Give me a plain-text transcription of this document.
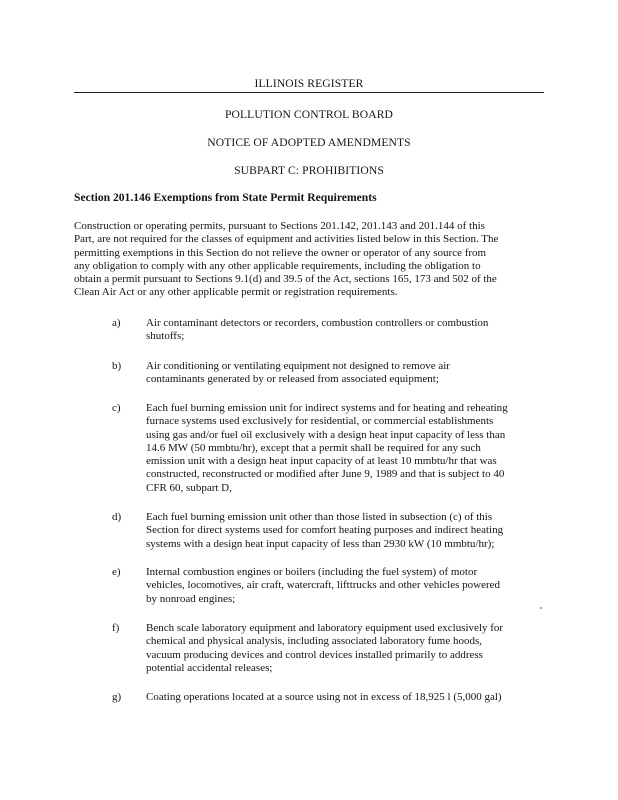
ILLINOIS REGISTER
POLLUTION CONTROL BOARD
NOTICE OF ADOPTED AMENDMENTS
SUBPART C: PROHIBITIONS
Section 201.146 Exemptions from State Permit Requirements
Construction or operating permits, pursuant to Sections 201.142, 201.143 and 201.144 of this
Part, are not required for the classes of equipment and activities listed below in this Section. The
permitting exemptions in this Section do not relieve the owner or operator of any source from
any obligation to comply with any other applicable requirements, including the obligation to
obtain a permit pursuant to Sections 9.1(d) and 39.5 of the Act, sections 165, 173 and 502 of the
Clean Air Act or any other applicable permit or registration requirements.
a) Air contaminant detectors or recorders, combustion controllers or combustion
shutoffs;
b) Air conditioning or ventilating equipment not designed to remove air
contaminants generated by or released from associated equipment;
c) Each fuel burning emission unit for indirect systems and for heating and reheating
furnace systems used exclusively for residential, or commercial establishments
using gas and/or fuel oil exclusively with a design heat input capacity of less than
14.6 MW (50 mmbtu/hr), except that a permit shall be required for any such
emission unit with a design heat input capacity of at least 10 mmbtu/hr that was
constructed, reconstructed or modified after June 9, 1989 and that is subject to 40
CFR 60, subpart D,
d) Each fuel burning emission unit other than those listed in subsection (c) of this
Section for direct systems used for comfort heating purposes and indirect heating
systems with a design heat input capacity of less than 2930 kW (10 mmbtu/hr);
e) Internal combustion engines or boilers (including the fuel system) of motor
vehicles, locomotives, air craft, watercraft, lifttrucks and other vehicles powered
by nonroad engines;
f) Bench scale laboratory equipment and laboratory equipment used exclusively for
chemical and physical analysis, including associated laboratory fume hoods,
vacuum producing devices and control devices installed primarily to address
potential accidental releases;
g) Coating operations located at a source using not in excess of 18,925 l (5,000 gal)
